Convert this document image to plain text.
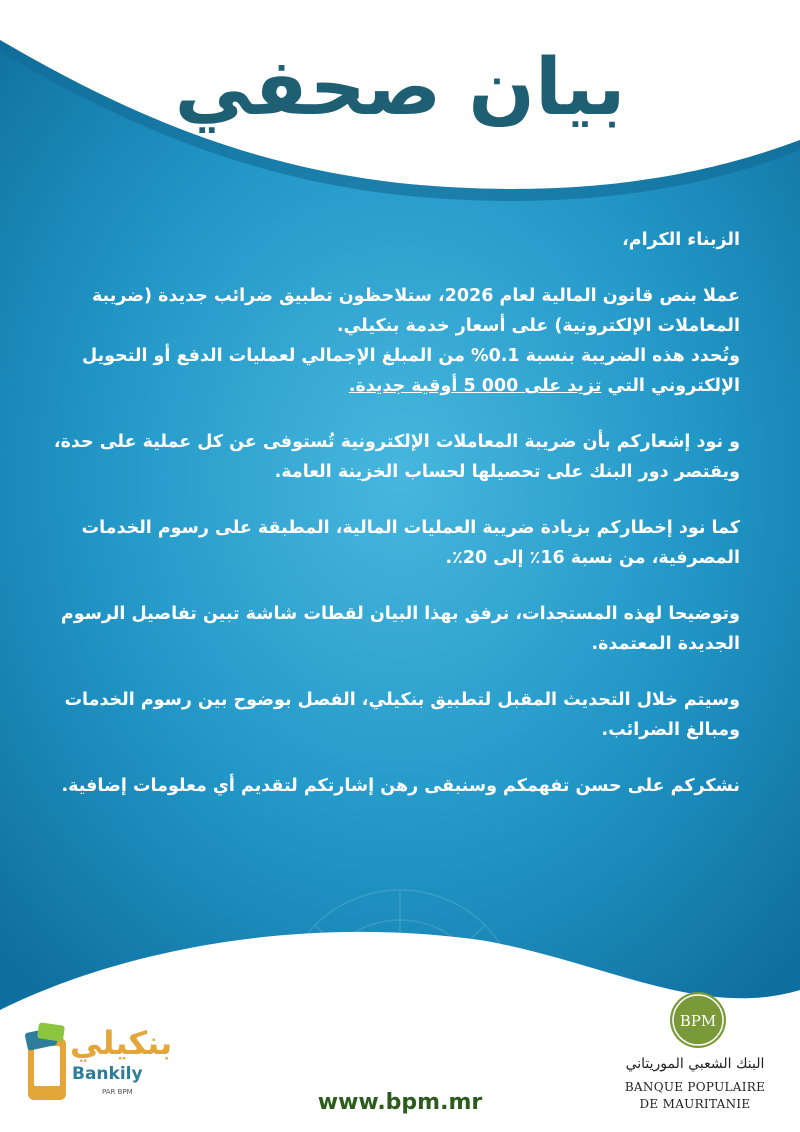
بيان صحفي

الزبناء الكرام،

عملا بنص قانون المالية لعام 2026، ستلاحظون تطبيق ضرائب جديدة (ضريبة المعاملات الإلكترونية) على أسعار خدمة بنكيلي.

وتُحدد هذه الضريبة بنسبة 0.1% من المبلغ الإجمالي لعمليات الدفع أو التحويل الإلكتروني التي تزيد على 000 5 أوقية جديدة.

و نود إشعاركم بأن ضريبة المعاملات الإلكترونية تُستوفى عن كل عملية على حدة، ويقتصر دور البنك على تحصيلها لحساب الخزينة العامة.

كما نود إخطاركم بزيادة ضريبة العمليات المالية، المطبقة على رسوم الخدمات المصرفية، من نسبة 16٪ إلى 20٪.

وتوضيحا لهذه المستجدات، نرفق بهذا البيان لقطات شاشة تبين تفاصيل الرسوم الجديدة المعتمدة.

وسيتم خلال التحديث المقبل لتطبيق بنكيلي، الفصل بوضوح بين رسوم الخدمات ومبالغ الضرائب.

نشكركم على حسن تفهمكم وسنبقى رهن إشارتكم لتقديم أي معلومات إضافية.

بنكيلي
Bankily
PAR BPM	www.bpm.mr
BPM
البنك الشعبي الموريتاني
BANQUE POPULAIRE
DE MAURITANIE
